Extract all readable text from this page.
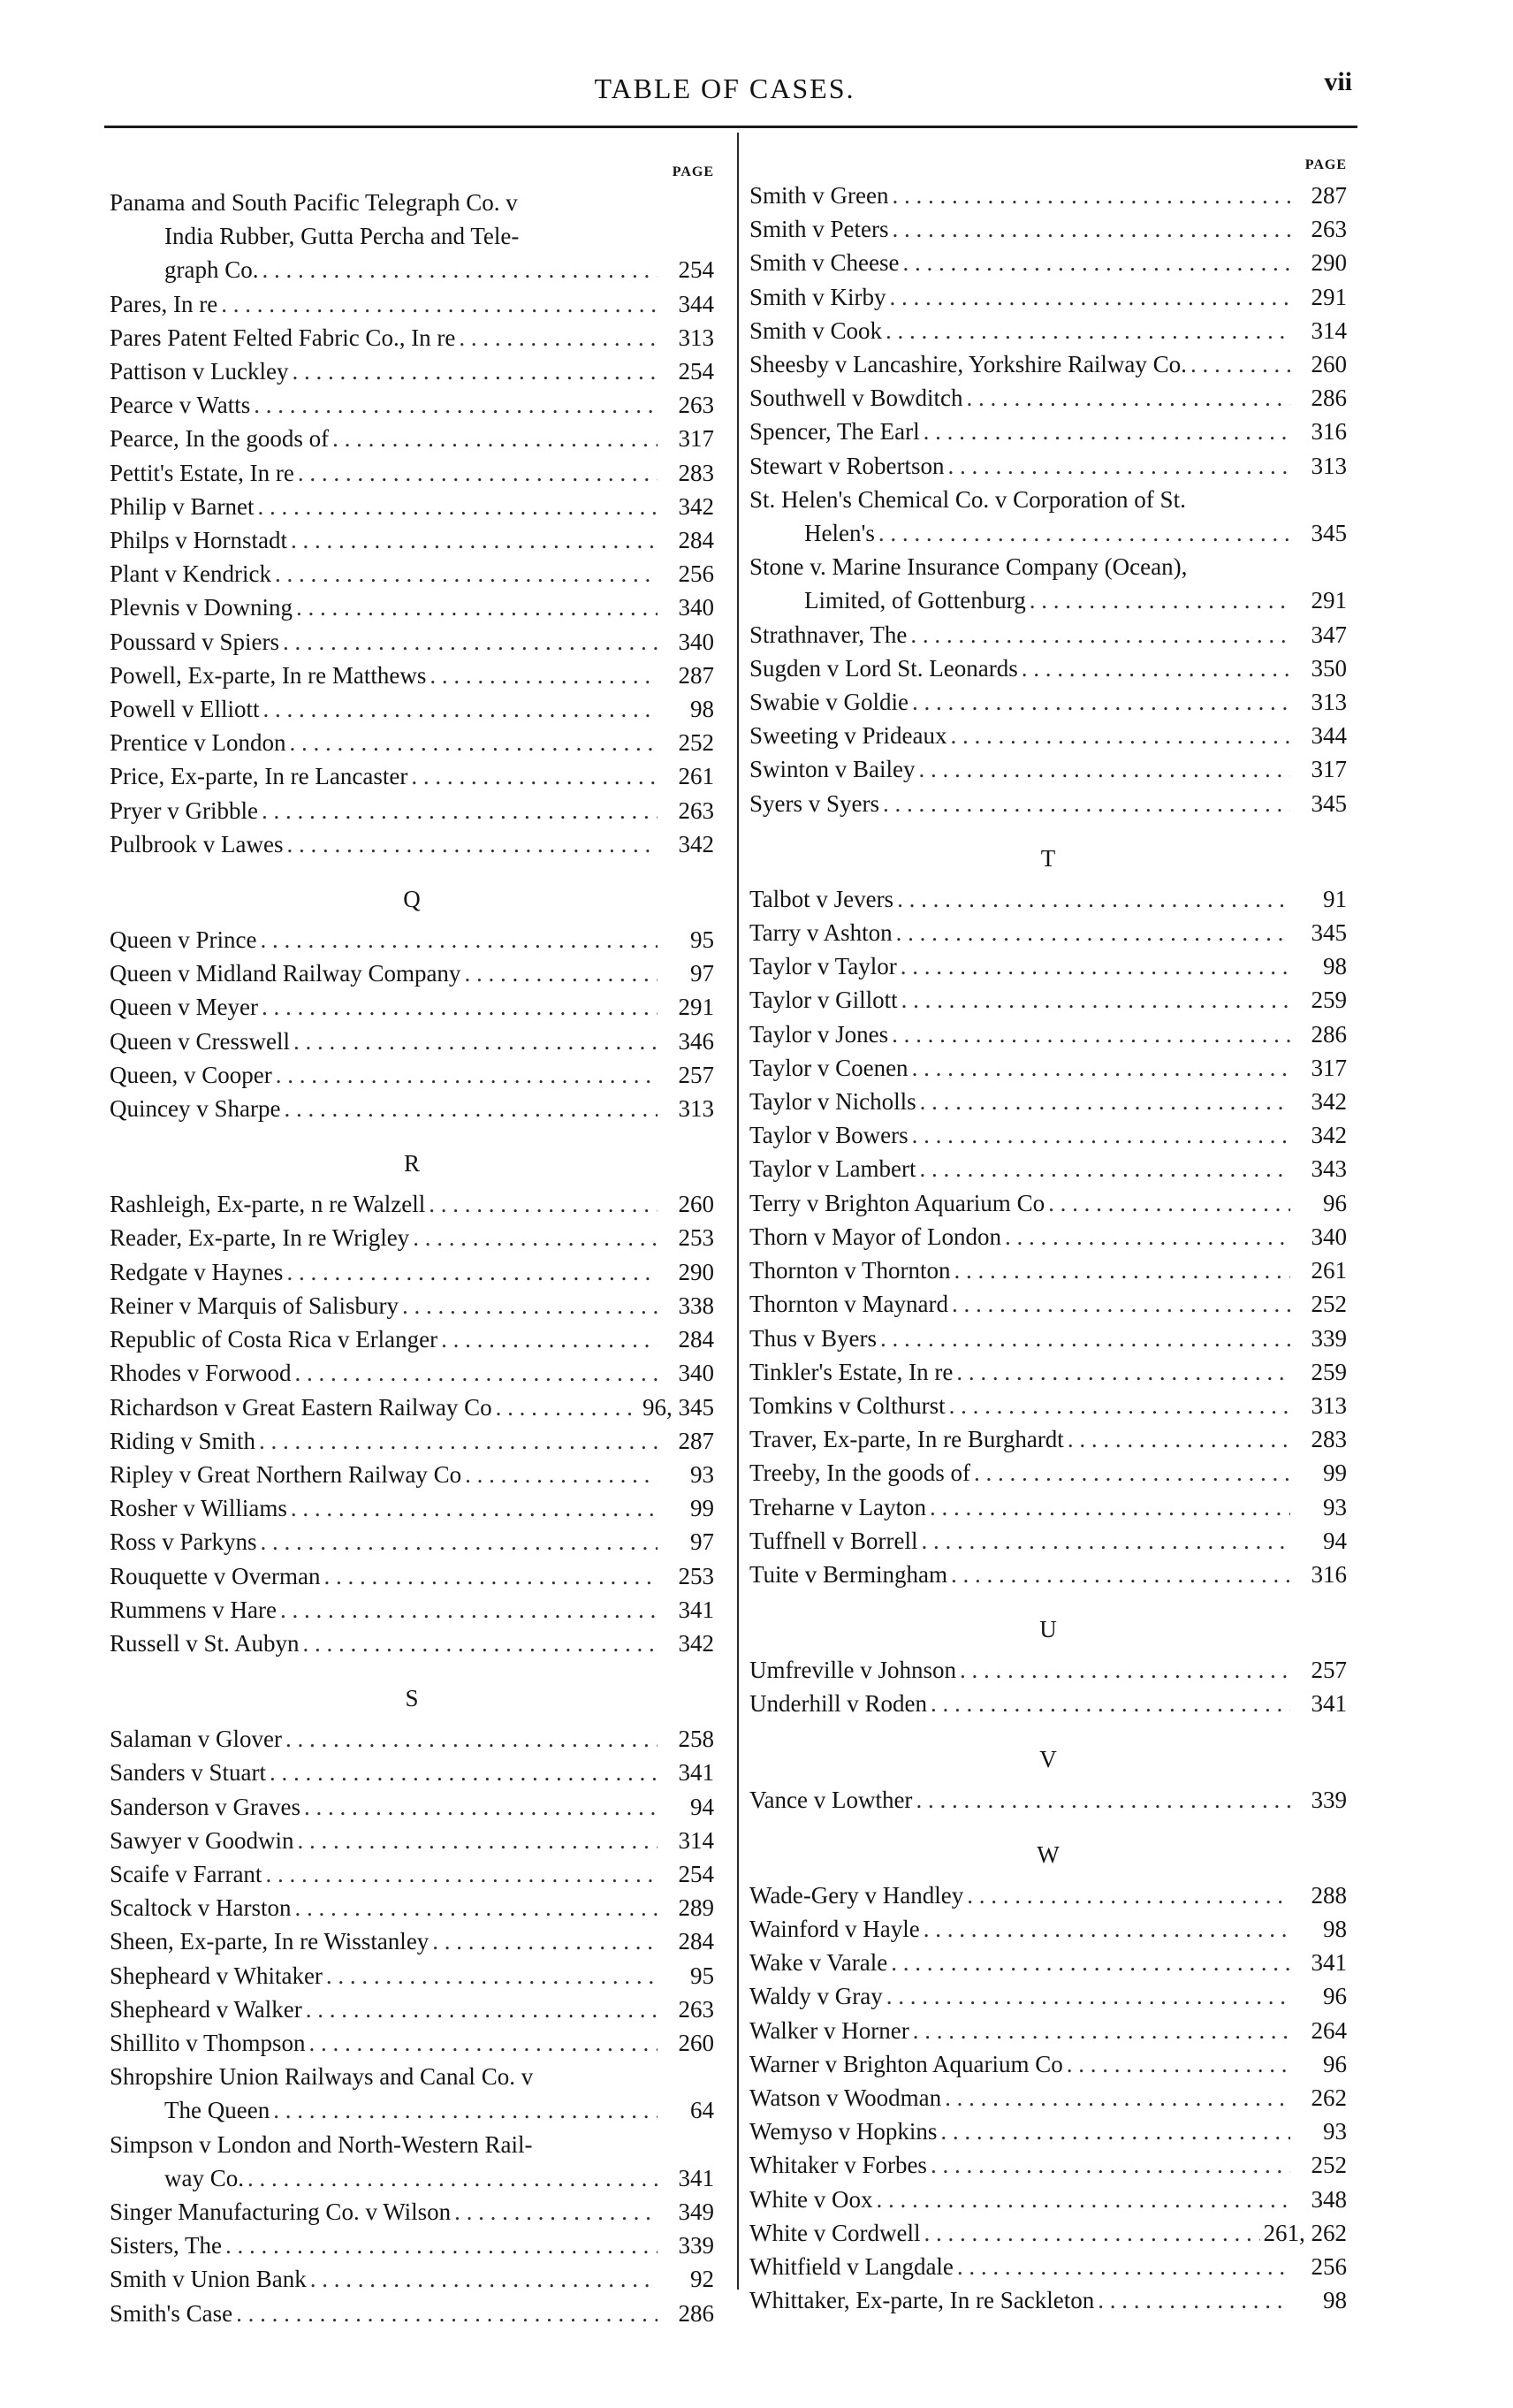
TABLE OF CASES.	vii
PAGE
Panama and South Pacific Telegraph Co. v
India Rubber, Gutta Percha and Tele-
graph Co. . . .	254
Pares, In re . . .	344
Pares Patent Felted Fabric Co., In re . . .	313
Pattison v Luckley . . .	254
Pearce v Watts . . .	263
Pearce, In the goods of . . .	317
Pettit's Estate, In re . . .	283
Philip v Barnet . . .	342
Philps v Hornstadt . . .	284
Plant v Kendrick . . .	256
Plevnis v Downing . . .	340
Poussard v Spiers . . .	340
Powell, Ex-parte, In re Matthews . . .	287
Powell v Elliott . . .	98
Prentice v London . . .	252
Price, Ex-parte, In re Lancaster . . .	261
Pryer v Gribble . . .	263
Pulbrook v Lawes . . .	342
Q
Queen v Prince . . .	95
Queen v Midland Railway Company . . .	97
Queen v Meyer . . .	291
Queen v Cresswell . . .	346
Queen, v Cooper . . .	257
Quincey v Sharpe . . .	313
R
Rashleigh, Ex-parte, n re Walzell . . .	260
Reader, Ex-parte, In re Wrigley . . .	253
Redgate v Haynes . . .	290
Reiner v Marquis of Salisbury . . .	338
Republic of Costa Rica v Erlanger . . .	284
Rhodes v Forwood . . .	340
Richardson v Great Eastern Railway Co . . .	96, 345
Riding v Smith . . .	287
Ripley v Great Northern Railway Co . . .	93
Rosher v Williams . . .	99
Ross v Parkyns . . .	97
Rouquette v Overman . . .	253
Rummens v Hare . . .	341
Russell v St. Aubyn . . .	342
S
Salaman v Glover . . .	258
Sanders v Stuart . . .	341
Sanderson v Graves . . .	94
Sawyer v Goodwin . . .	314
Scaife v Farrant . . .	254
Scaltock v Harston . . .	289
Sheen, Ex-parte, In re Wisstanley . . .	284
Shepheard v Whitaker . . .	95
Shepheard v Walker . . .	263
Shillito v Thompson . . .	260
Shropshire Union Railways and Canal Co. v
The Queen . . .	64
Simpson v London and North-Western Rail-
way Co. . . .	341
Singer Manufacturing Co. v Wilson . . .	349
Sisters, The . . .	339
Smith v Union Bank . . .	92
Smith's Case . . .	286
PAGE
Smith v Green . . .	287
Smith v Peters . . .	263
Smith v Cheese . . .	290
Smith v Kirby . . .	291
Smith v Cook . . .	314
Sheesby v Lancashire, Yorkshire Railway Co. . . .	260
Southwell v Bowditch . . .	286
Spencer, The Earl . . .	316
Stewart v Robertson . . .	313
St. Helen's Chemical Co. v Corporation of St.
Helen's . . .	345
Stone v. Marine Insurance Company (Ocean),
Limited, of Gottenburg . . .	291
Strathnaver, The . . .	347
Sugden v Lord St. Leonards . . .	350
Swabie v Goldie . . .	313
Sweeting v Prideaux . . .	344
Swinton v Bailey . . .	317
Syers v Syers . . .	345
T
Talbot v Jevers . . .	91
Tarry v Ashton . . .	345
Taylor v Taylor . . .	98
Taylor v Gillott . . .	259
Taylor v Jones . . .	286
Taylor v Coenen . . .	317
Taylor v Nicholls . . .	342
Taylor v Bowers . . .	342
Taylor v Lambert . . .	343
Terry v Brighton Aquarium Co . . .	96
Thorn v Mayor of London . . .	340
Thornton v Thornton . . .	261
Thornton v Maynard . . .	252
Thus v Byers . . .	339
Tinkler's Estate, In re . . .	259
Tomkins v Colthurst . . .	313
Traver, Ex-parte, In re Burghardt . . .	283
Treeby, In the goods of . . .	99
Treharne v Layton . . .	93
Tuffnell v Borrell . . .	94
Tuite v Bermingham . . .	316
U
Umfreville v Johnson . . .	257
Underhill v Roden . . .	341
V
Vance v Lowther . . .	339
W
Wade-Gery v Handley . . .	288
Wainford v Hayle . . .	98
Wake v Varale . . .	341
Waldy v Gray . . .	96
Walker v Horner . . .	264
Warner v Brighton Aquarium Co . . .	96
Watson v Woodman . . .	262
Wemyso v Hopkins . . .	93
Whitaker v Forbes . . .	252
White v Oox . . .	348
White v Cordwell . . .	261, 262
Whitfield v Langdale . . .	256
Whittaker, Ex-parte, In re Sackleton . . .	98
